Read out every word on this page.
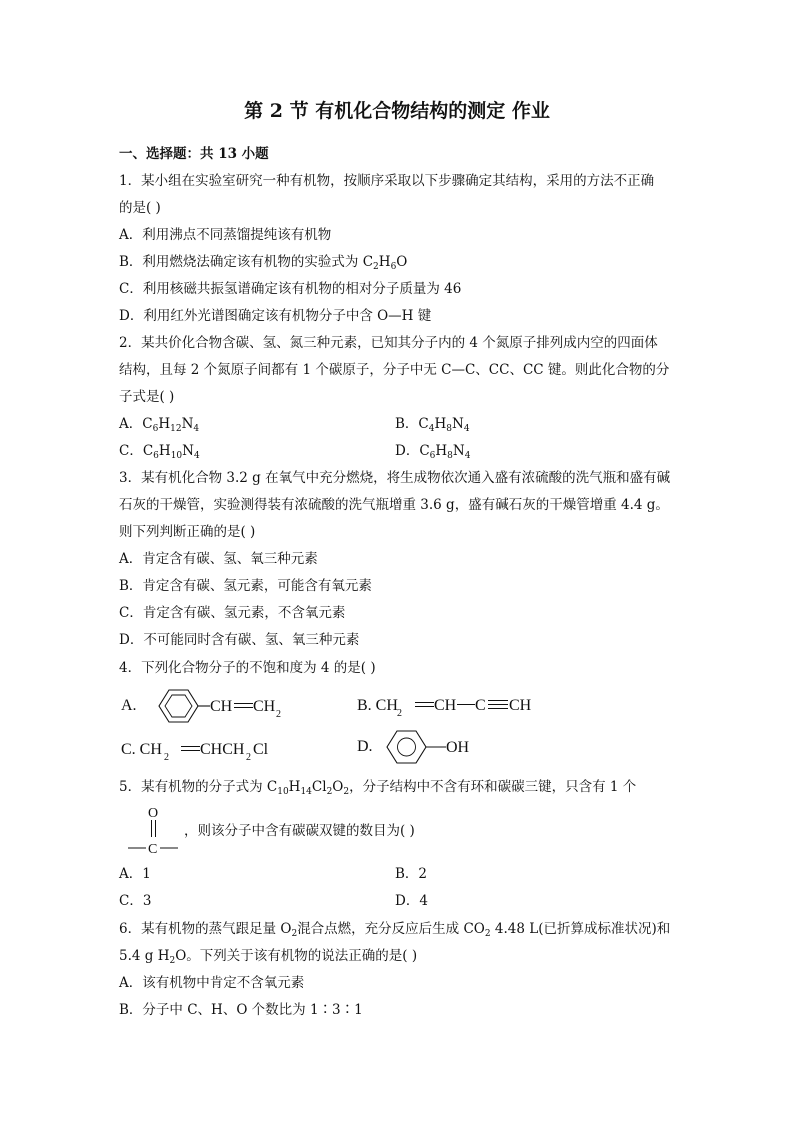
第 2 节 有机化合物结构的测定 作业
一、选择题：共 13 小题
1．某小组在实验室研究一种有机物，按顺序采取以下步骤确定其结构，采用的方法不正确
的是( )
A．利用沸点不同蒸馏提纯该有机物
B．利用燃烧法确定该有机物的实验式为 $C_2H_6O$
C．利用核磁共振氢谱确定该有机物的相对分子质量为 46
D．利用红外光谱图确定该有机物分子中含 O—H 键
2．某共价化合物含碳、氢、氮三种元素，已知其分子内的 4 个氮原子排列成内空的四面体
结构，且每 2 个氮原子间都有 1 个碳原子，分子中无 C—C、CC、CC 键。则此化合物的分
子式是( )
A．$C_6H_{12}N_4$	B．$C_4H_8N_4$
C．$C_6H_{10}N_4$	D．$C_6H_8N_4$
3．某有机化合物 3.2 g 在氧气中充分燃烧，将生成物依次通入盛有浓硫酸的洗气瓶和盛有碱
石灰的干燥管，实验测得装有浓硫酸的洗气瓶增重 3.6 g，盛有碱石灰的干燥管增重 4.4 g。
则下列判断正确的是( )
A．肯定含有碳、氢、氧三种元素
B．肯定含有碳、氢元素，可能含有氧元素
C．肯定含有碳、氢元素，不含氧元素
D．不可能同时含有碳、氢、氧三种元素
4．下列化合物分子的不饱和度为 4 的是( )
A.	CH CH 2
B. CH 2 CH C CH
C. CH 2 CHCH 2 Cl	D.	OH
5．某有机物的分子式为 $C_{10}H_{14}Cl_2O_2$，分子结构中不含有环和碳碳三键，只含有 1 个
O
C
，则该分子中含有碳碳双键的数目为( )
A．1	B．2
C．3	D．4
6．某有机物的蒸气跟足量 $O_2$混合点燃，充分反应后生成 $CO_2$ 4.48 L(已折算成标准状况)和
5.4 g $H_2O$。下列关于该有机物的说法正确的是( )
A．该有机物中肯定不含氧元素
B．分子中 C、H、O 个数比为 1∶3∶1
